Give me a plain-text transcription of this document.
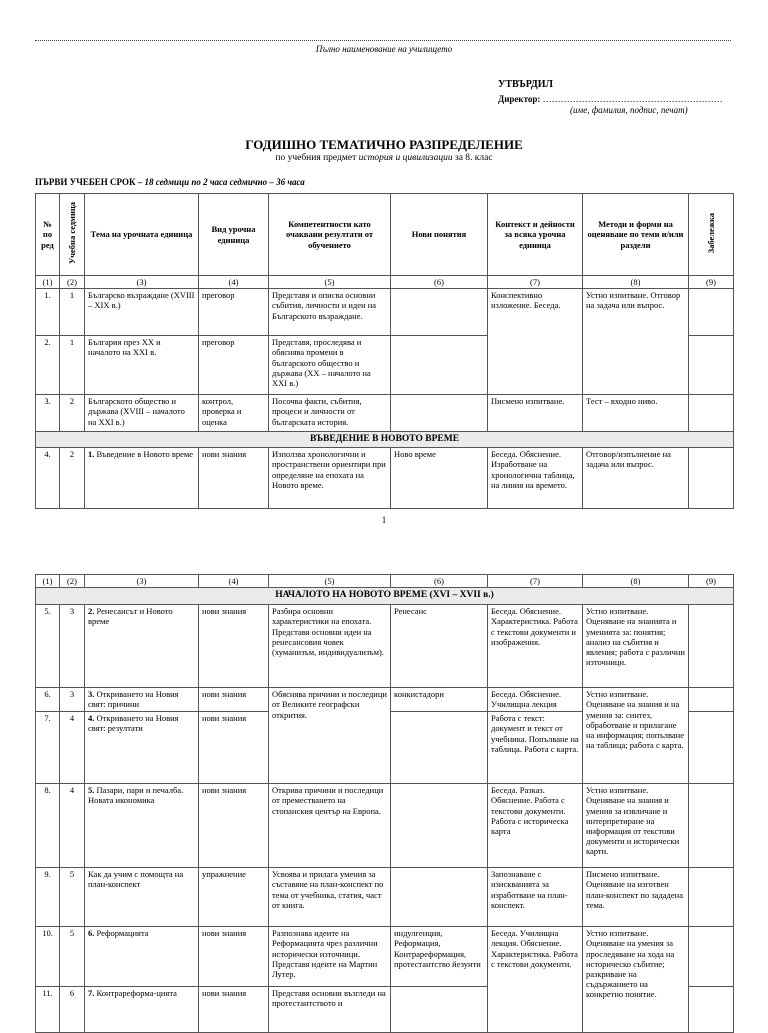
Пълно наименование на училището
УТВЪРДИЛ
Директор: ……………………………………………………
(име, фамилия, подпис, печат)
ГОДИШНО ТЕМАТИЧНО РАЗПРЕДЕЛЕНИЕ
по учебния предмет история и цивилизации за 8. клас
ПЪРВИ УЧЕБЕН СРОК – 18 седмици по 2 часа седмично – 36 часа
№ по ред	Учебна седмица	Тема на урочната единица	Вид урочна единица	Компетентности като очаквани резултати от обучението	Нови понятия	Контекст и дейности за всяка урочна единица	Методи и форми на оценяване по теми и/или раздели	Забележка
(1)	(2)	(3)	(4)	(5)	(6)	(7)	(8)	(9)
1.	1	Българско възраждане (XVIII – XIX в.)	преговор	Представя и описва основни събития, личности и идеи на Българското възраждане.		Конспективно изложение. Беседа.	Устно изпитване. Отговор на задача или въпрос.	
2.	1	България през XX и началото на XXI в.	преговор	Представя, проследява и обяснява промени в българското общество и държава (XX – началото на XXI в.)				
3.	2	Българското общество и държава (XVIII – началото на XXI в.)	контрол, проверка и оценка	Посочва факти, събития, процеси и личности от българската история.		Писмено изпитване.	Тест – входно ниво.	
ВЪВЕДЕНИЕ В НОВОТО ВРЕМЕ								
4.	2	1. Въведение в Новото време	нови знания	Използва хронологични и пространствени ориентири при определяне на епохата на Новото време.	Ново време	Беседа. Обяснение. Изработване на хронологична таблица, на линия на времето.	Отговор/изпълнение на задача или въпрос.	
1
(1)	(2)	(3)	(4)	(5)	(6)	(7)	(8)	(9)
НАЧАЛОТО НА НОВОТО ВРЕМЕ (XVI – XVII в.)								
5.	3	2. Ренесансът и Новото време	нови знания	Разбира основни характеристики на епохата. Представя основни идеи на ренесансовия човек (хуманизъм, индивидуализъм).	Ренесанс	Беседа. Обяснение. Характеристика. Работа с текстови документи и изображения.	Устно изпитване. Оценяване на знанията и уменията за: понятия; анализ на събития и явления; работа с различни източници.	
6.	3	3. Откриването на Новия свят: причини	нови знания	Обяснява причини и последици от Великите географски открития.	конкистадори	Беседа. Обяснение. Училищна лекция	Устно изпитване. Оценяване на знания и на умения за: синтез, обработване и прилагане на информация; попълване на таблица; работа с карта.	
7.	4	4. Откриването на Новия свят: резултати	нови знания			Работа с текст: документ и текст от учебника. Попълване на таблица. Работа с карта.		
8.	4	5. Пазари, пари и печалба. Новата икономика	нови знания	Открива причини и последици от преместването на стопанския център на Европа.		Беседа. Разказ. Обяснение. Работа с текстови документи. Работа с историческа карта	Устно изпитване. Оценяване на знания и умения за извличане и интерпретиране на информация от текстови документи и исторически карти.	
9.	5	Как да учим с помощта на план-конспект	упражнение	Усвоява и прилага умения за съставяне на план-конспект по тема от учебника, статия, част от книга.		Запознаване с изискванията за изработване на план-конспект.	Писмено изпитване. Оценяване на изготвен план-конспект по зададена тема.	
10.	5	6. Реформацията	нови знания	Разпознава идеите на Реформацията чрез различни исторически източници. Представя идеите на Мартин Лутер.	индулгенция, Реформация, Контрареформация, протестантство йезуити	Беседа. Училищна лекция. Обяснение. Характеристика. Работа с текстови документи.	Устно изпитване. Оценяване на умения за проследяване на хода на историческо събитие; разкриване на съдържанието на конкретно понятие.	
11.	6	7. Контрареформа-цията	нови знания	Представя основни възгледи на протестантството и				
